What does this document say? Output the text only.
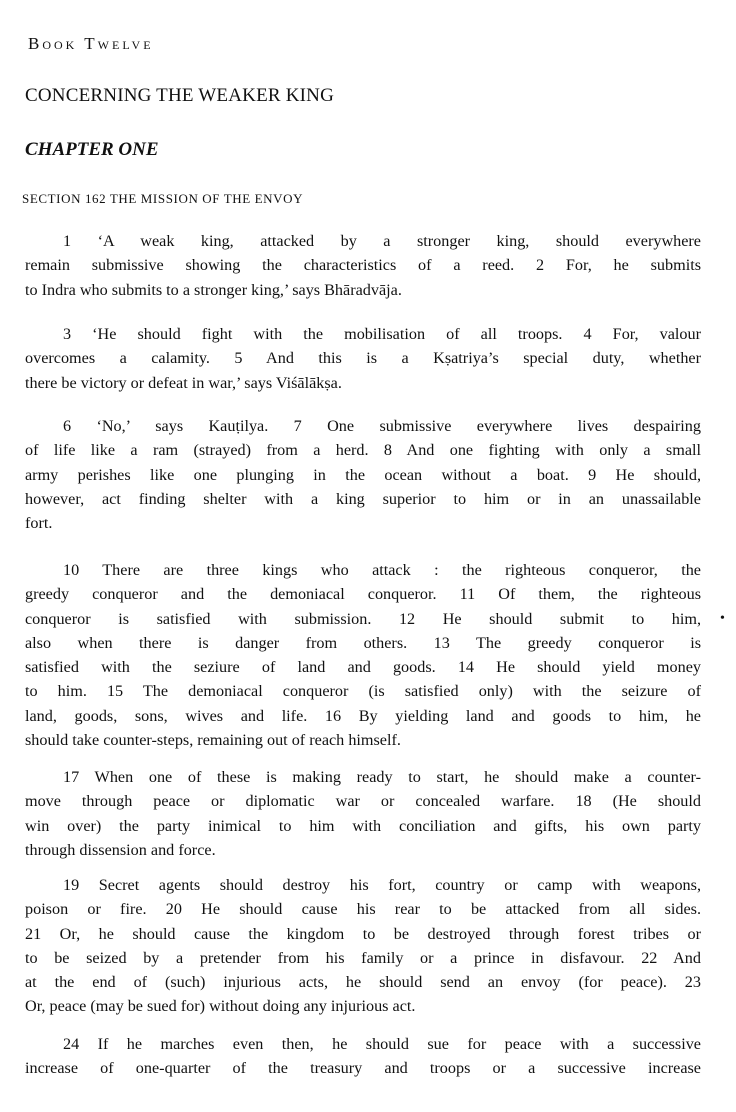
Book Twelve
CONCERNING THE WEAKER KING
CHAPTER ONE
SECTION 162 THE MISSION OF THE ENVOY

1 ‘A weak king, attacked by a stronger king, should everywhere
remain submissive showing the characteristics of a reed. 2 For, he submits
to Indra who submits to a stronger king,’ says Bhāradvāja.

3 ‘He should fight with the mobilisation of all troops. 4 For, valour
overcomes a calamity. 5 And this is a Kṣatriya’s special duty, whether
there be victory or defeat in war,’ says Viśālākṣa.

6 ‘No,’ says Kauṭilya. 7 One submissive everywhere lives despairing
of life like a ram (strayed) from a herd. 8 And one fighting with only a small
army perishes like one plunging in the ocean without a boat. 9 He should,
however, act finding shelter with a king superior to him or in an unassailable
fort.

10 There are three kings who attack : the righteous conqueror, the
greedy conqueror and the demoniacal conqueror. 11 Of them, the righteous
conqueror is satisfied with submission. 12 He should submit to him,
also when there is danger from others. 13 The greedy conqueror is
satisfied with the seziure of land and goods. 14 He should yield money
to him. 15 The demoniacal conqueror (is satisfied only) with the seizure of
land, goods, sons, wives and life. 16 By yielding land and goods to him, he
should take counter-steps, remaining out of reach himself.

17 When one of these is making ready to start, he should make a counter-
move through peace or diplomatic war or concealed warfare. 18 (He should
win over) the party inimical to him with conciliation and gifts, his own party
through dissension and force.

19 Secret agents should destroy his fort, country or camp with weapons,
poison or fire. 20 He should cause his rear to be attacked from all sides.
21 Or, he should cause the kingdom to be destroyed through forest tribes or
to be seized by a pretender from his family or a prince in disfavour. 22 And
at the end of (such) injurious acts, he should send an envoy (for peace). 23
Or, peace (may be sued for) without doing any injurious act.

24 If he marches even then, he should sue for peace with a successive
increase of one-quarter of the treasury and troops or a successive increase

•
